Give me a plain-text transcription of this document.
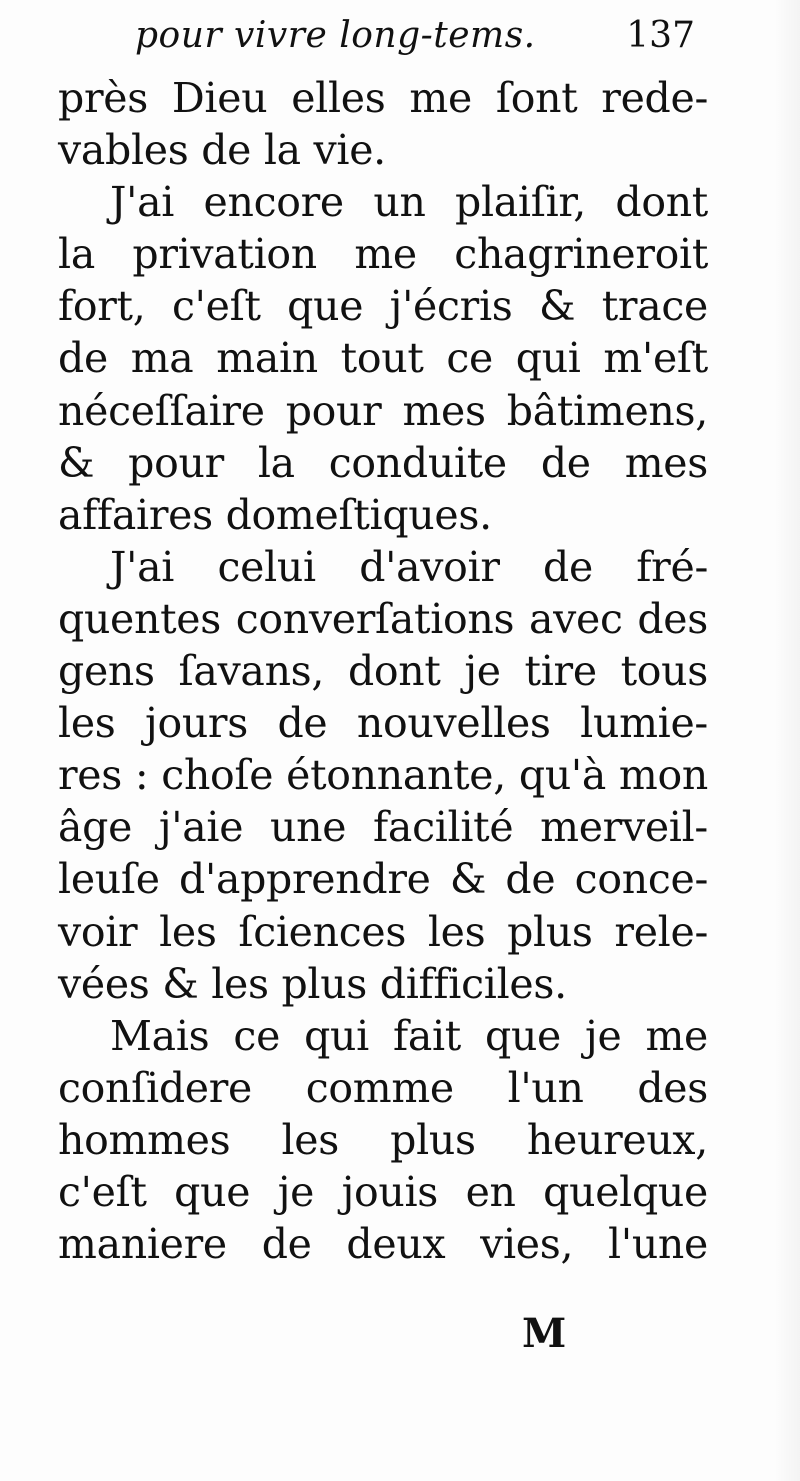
pour vivre long-tems.	137
près Dieu elles me ſont rede-
vables de la vie.
J'ai encore un plaiſir, dont
la privation me chagrineroit
fort, c'eſt que j'écris & trace
de ma main tout ce qui m'eſt
néceſſaire pour mes bâtimens,
& pour la conduite de mes
affaires domeſtiques.
J'ai celui d'avoir de fré-
quentes converſations avec des
gens ſavans, dont je tire tous
les jours de nouvelles lumie-
res : choſe étonnante, qu'à mon
âge j'aie une facilité merveil-
leuſe d'apprendre & de conce-
voir les ſciences les plus rele-
vées & les plus difficiles.
Mais ce qui fait que je me
conſidere comme l'un des
hommes les plus heureux,
c'eſt que je jouis en quelque
maniere de deux vies, l'une
M
